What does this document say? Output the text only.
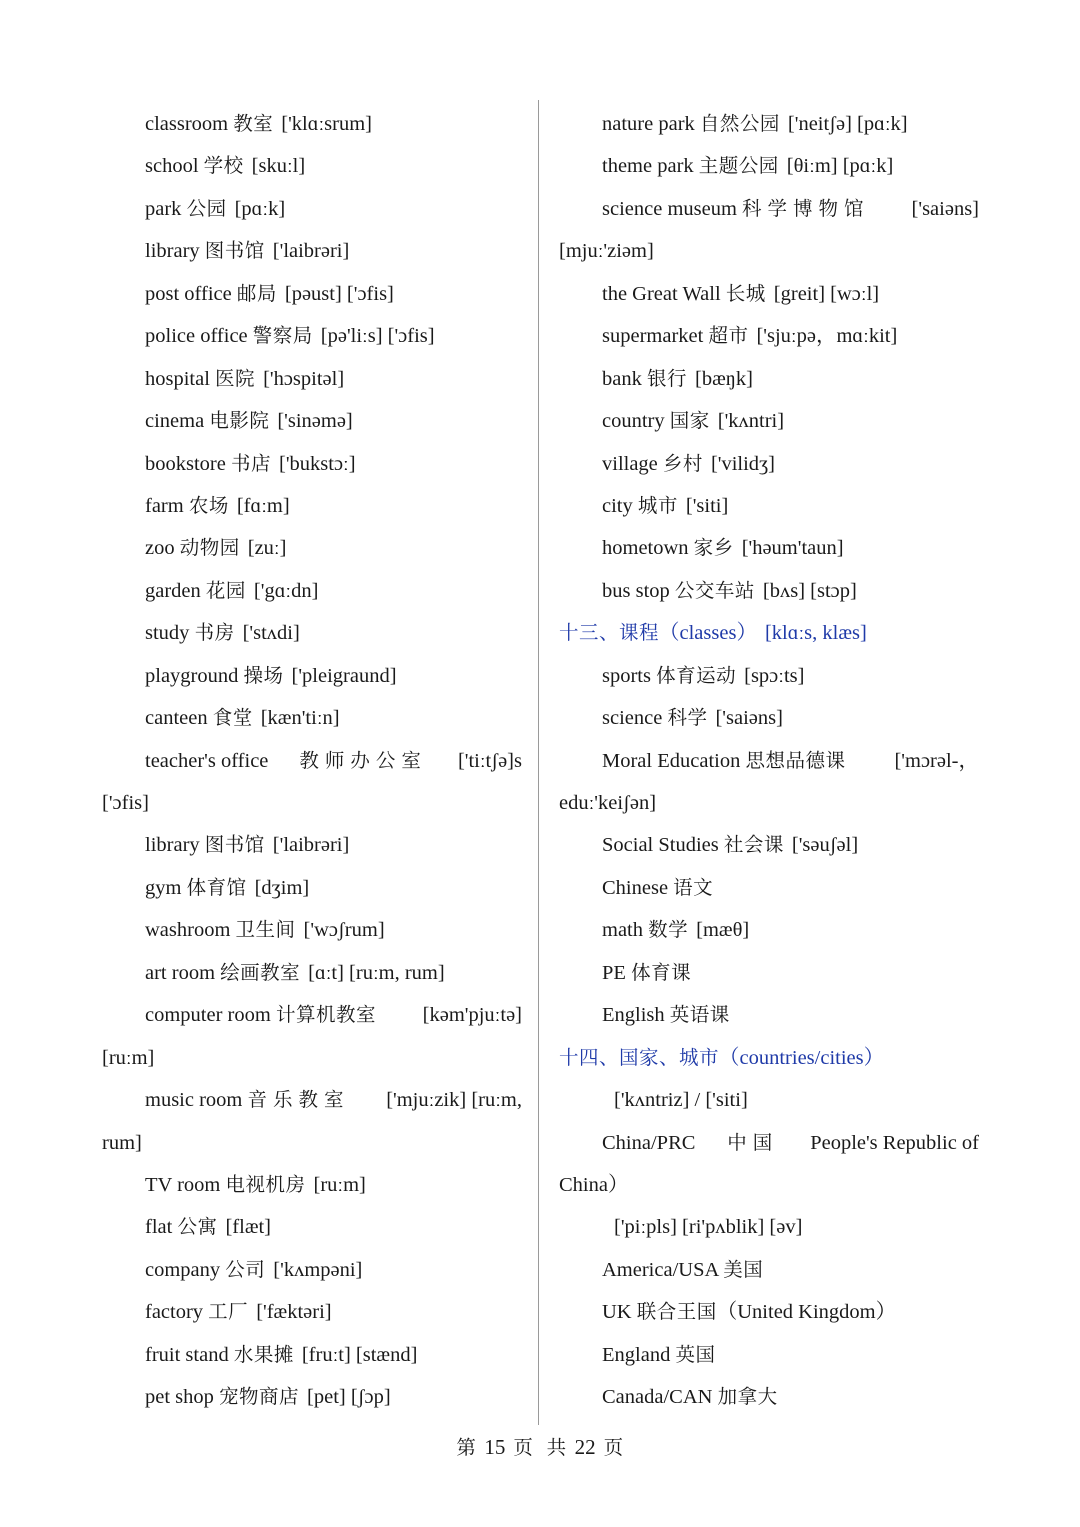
classroom 教室 ['klɑːsrum]
school 学校 [skuːl]
park 公园 [pɑːk]
library 图书馆 ['laibrəri]
post office 邮局 [pəust] ['ɔfis]
police office 警察局 [pə'liːs] ['ɔfis]
hospital 医院 ['hɔspitəl]
cinema 电影院 ['sinəmə]
bookstore 书店 ['bukstɔː]
farm 农场 [fɑːm]
zoo 动物园 [zuː]
garden 花园 ['gɑːdn]
study 书房 ['stʌdi]
playground 操场 ['pleigraund]
canteen 食堂 [kæn'tiːn]
teacher's office 教师办公室 ['tiːtʃə]s
['ɔfis]
library 图书馆 ['laibrəri]
gym 体育馆 [dʒim]
washroom 卫生间 ['wɔʃrum]
art room 绘画教室 [ɑːt] [ruːm, rum]
computer room 计算机教室 [kəm'pjuːtə]
[ruːm]
music room 音乐教室 ['mjuːzik] [ruːm,
rum]
TV room 电视机房 [ruːm]
flat 公寓 [flæt]
company 公司 ['kʌmpəni]
factory 工厂 ['fæktəri]
fruit stand 水果摊 [fruːt] [stænd]
pet shop 宠物商店 [pet] [ʃɔp]
nature park 自然公园 ['neitʃə] [pɑːk]
theme park 主题公园 [θiːm] [pɑːk]
science museum 科学博物馆 ['saiəns]
[mjuː'ziəm]
the Great Wall 长城 [greit] [wɔːl]
supermarket 超市 ['sjuːpə，mɑːkit]
bank 银行 [bæŋk]
country 国家 ['kʌntri]
village 乡村 ['vilidʒ]
city 城市 ['siti]
hometown 家乡 ['həum'taun]
bus stop 公交车站 [bʌs] [stɔp]
十三、课程（classes） [klɑːs, klæs]
sports 体育运动 [spɔːts]
science 科学 ['saiəns]
Moral Education 思想品德课 ['mɔrəl-，
eduː'keiʃən]
Social Studies 社会课 ['səuʃəl]
Chinese 语文
math 数学 [mæθ]
PE 体育课
English 英语课
十四、国家、城市（countries/cities）
['kʌntriz] / ['siti]
China/PRC 中国 People's Republic of
China）
['piːpls] [ri'pʌblik] [əv]
America/USA 美国
UK 联合王国（United Kingdom）
England 英国
Canada/CAN 加拿大
第 15 页 共 22 页
